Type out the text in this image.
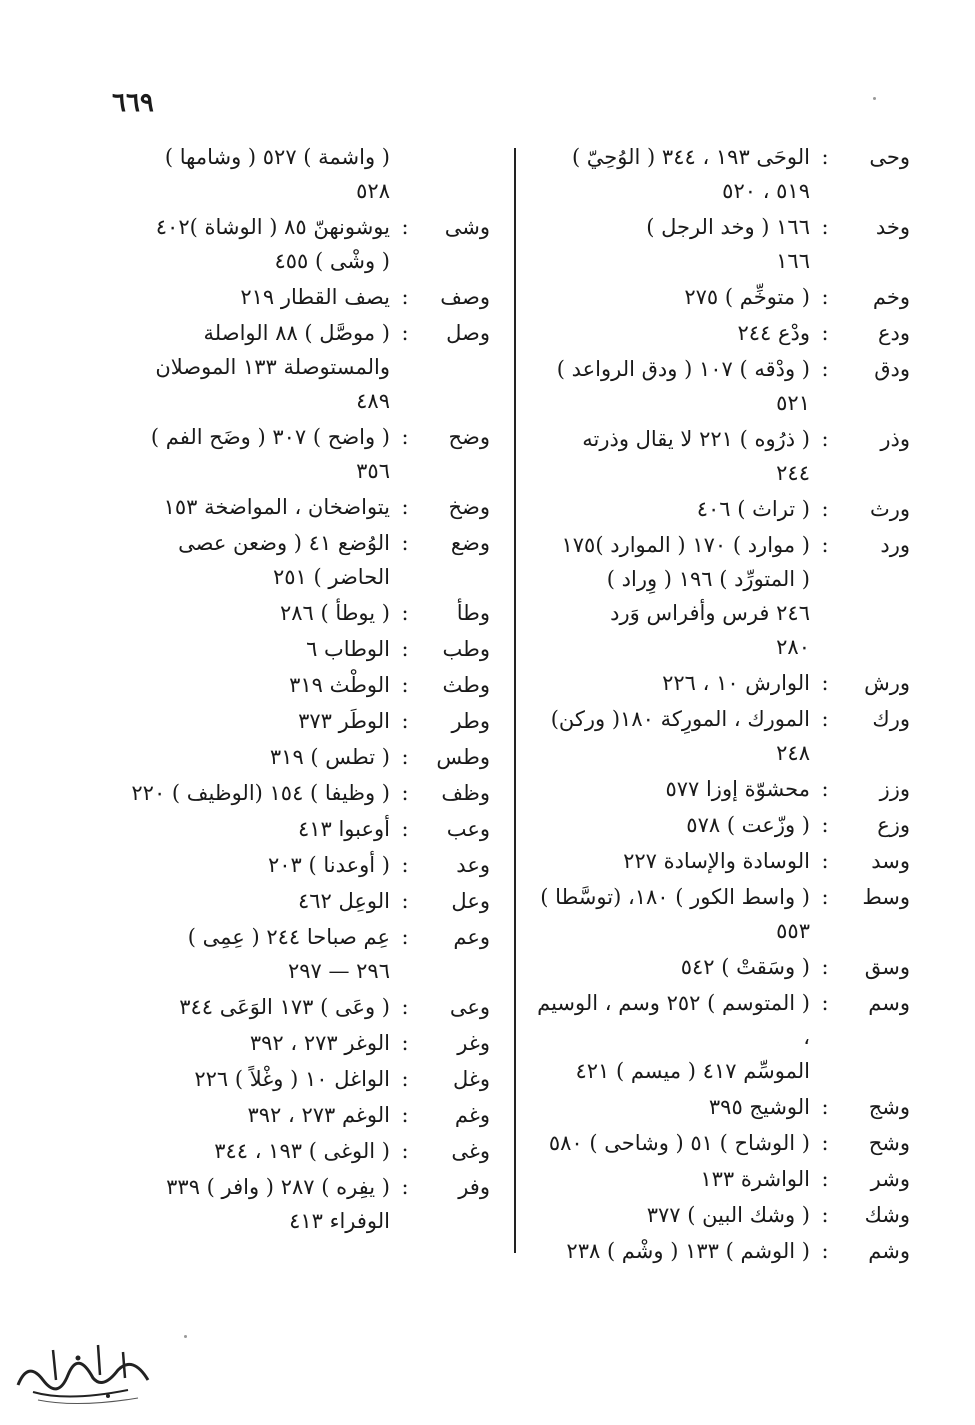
٦٦٩
وحى
:
الوحَى ١٩٣ ، ٣٤٤ ( الوُحِيّ )
٥١٩ ، ٥٢٠
وخد
:
١٦٦ ( وخد الرجل )
١٦٦
وخم
:
( متوخِّم ) ٢٧٥
ودع
:
ودْع ٢٤٤
ودق
:
( ودْقه ) ١٠٧ ( ودق الرواعد )
٥٢١
وذر
:
( ذرُوه ) ٢٢١ لا يقال وذرته
٢٤٤
ورث
:
( تراث ) ٤٠٦
ورد
:
( موارد ) ١٧٠ ( الموارد )١٧٥
( المتورِّد ) ١٩٦ ( وِراد )
٢٤٦ فرس وأفراس وَرد
٢٨٠
ورش
:
الوارش ١٠ ، ٢٢٦
ورك
:
المورك ، المورِكة ١٨٠( وركن)
٢٤٨
وزز
:
محشوّة إوزا ٥٧٧
وزع
:
( وزّعت ) ٥٧٨
وسد
:
الوسادة والإسادة ٢٢٧
وسط
:
( واسط الكور ) ١٨٠، (توسَّطا )
٥٥٣
وسق
:
( وسَقتْ ) ٥٤٢
وسم
:
( المتوسم ) ٢٥٢ وسم ، الوسيم ،
الموسِّم ٤١٧ ( ميسم ) ٤٢١
وشج
:
الوشيج ٣٩٥
وشح
:
( الوشاح ) ٥١ ( وشاحى ) ٥٨٠
وشر
:
الواشرة ١٣٣
وشك
:
( وشك البين ) ٣٧٧
وشم
:
( الوشم ) ١٣٣ ( وشْم ) ٢٣٨
( واشمة ) ٥٢٧ ( وشامها )
٥٢٨
وشى
:
يوشونهنّ ٨٥ ( الوشاة )٤٠٢
( وشْى ) ٤٥٥
وصف
:
يصف القطار ٢١٩
وصل
:
( موصَّل ) ٨٨ الواصلة
والمستوصلة ١٣٣ الموصلان
٤٨٩
وضح
:
( واضح ) ٣٠٧ ( وضَح الفم )
٣٥٦
وضخ
:
يتواضخان ، المواضخة ١٥٣
وضع
:
الوُضع ٤١ ( وضعن عصى
الحاضر ) ٢٥١
وطأ
:
( يوطأ ) ٢٨٦
وطب
:
الوطاب ٦
وطث
:
الوطْث ٣١٩
وطر
:
الوطَر ٣٧٣
وطس
:
( تطس ) ٣١٩
وظف
:
( وظيفا ) ١٥٤ (الوظيف ) ٢٢٠
وعب
:
أوعبوا ٤١٣
وعد
:
( أوعدنا ) ٢٠٣
وعل
:
الوعِل ٤٦٢
وعم
:
عِم صباحا ٢٤٤ ( عِمِى )
٢٩٦ — ٢٩٧
وعى
:
( وعَى ) ١٧٣ الوَعَى ٣٤٤
وغر
:
الوغر ٢٧٣ ، ٣٩٢
وغل
:
الواغل ١٠ ( وغْلاً ) ٢٢٦
وغم
:
الوغم ٢٧٣ ، ٣٩٢
وغى
:
( الوغى ) ١٩٣ ، ٣٤٤
وفر
:
( يفِره ) ٢٨٧ ( وافر ) ٣٣٩
الوفراء ٤١٣
